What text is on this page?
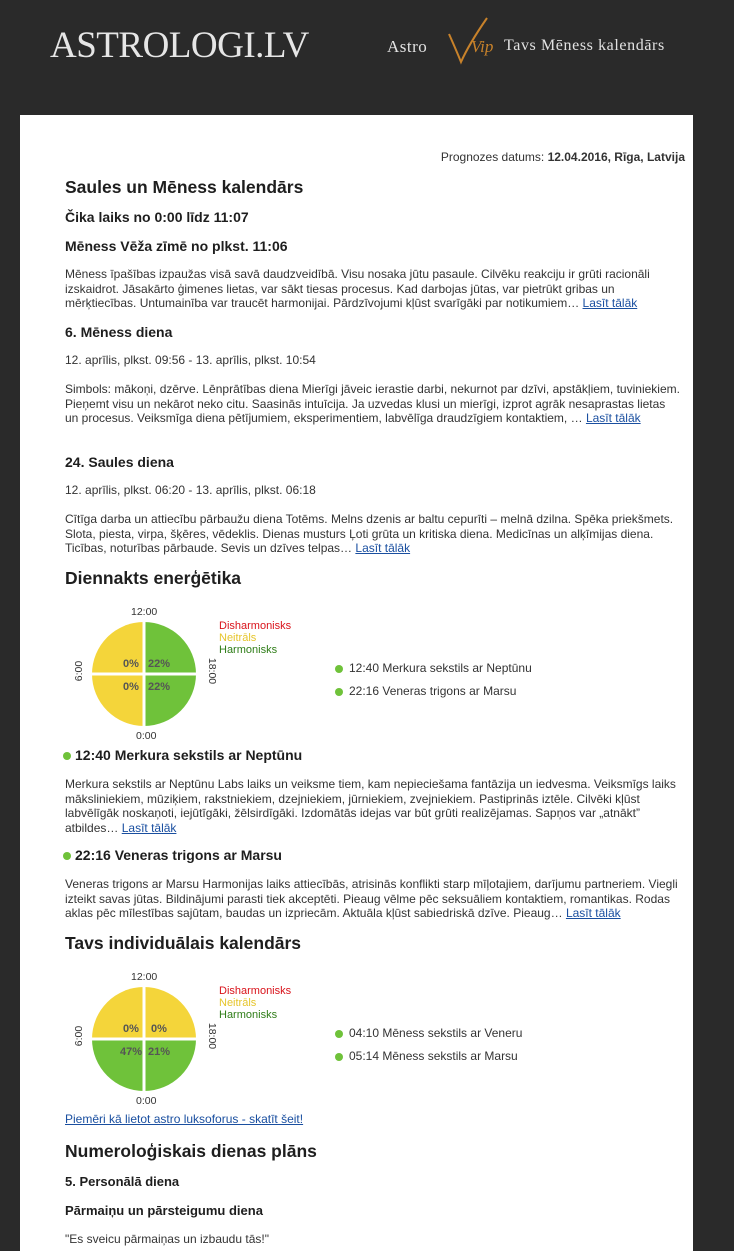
ASTROLOGI.LV	Astro	Vip Tavs Mēness kalendārs
Prognozes datums: 12.04.2016, Rīga, Latvija
Saules un Mēness kalendārs
Čika laiks no 0:00 līdz 11:07
Mēness Vēža zīmē no plkst. 11:06
Mēness īpašības izpaužas visā savā daudzveidībā. Visu nosaka jūtu pasaule. Cilvēku reakciju ir grūti racionāli izskaidrot. Jāsakārto ģimenes lietas, var sākt tiesas procesus. Kad darbojas jūtas, var pietrūkt gribas un mērķtiecības. Untumainība var traucēt harmonijai. Pārdzīvojumi kļūst svarīgāki par notikumiem… Lasīt tālāk
6. Mēness diena
12. aprīlis, plkst. 09:56 - 13. aprīlis, plkst. 10:54
Simbols: mākoņi, dzērve. Lēnprātības diena Mierīgi jāveic ierastie darbi, nekurnot par dzīvi, apstākļiem, tuviniekiem. Pieņemt visu un nekārot neko citu. Saasinās intuīcija. Ja uzvedas klusi un mierīgi, izprot agrāk nesaprastas lietas un procesus. Veiksmīga diena pētījumiem, eksperimentiem, labvēlīga draudzīgiem kontaktiem, … Lasīt tālāk
24. Saules diena
12. aprīlis, plkst. 06:20 - 13. aprīlis, plkst. 06:18
Cītīga darba un attiecību pārbaužu diena Totēms. Melns dzenis ar baltu cepurīti – melnā dzilna. Spēka priekšmets. Slota, piesta, virpa, šķēres, vēdeklis. Dienas musturs Ļoti grūta un kritiska diena. Medicīnas un alķīmijas diena. Ticības, noturības pārbaude. Sevis un dzīves telpas… Lasīt tālāk
Diennakts enerģētika
12:00
0:00
6:00	18:00
0% 22%
0% 22%
Disharmonisks
Neitrāls
Harmonisks
12:40 Merkura sekstils ar Neptūnu
22:16 Veneras trigons ar Marsu
12:40 Merkura sekstils ar Neptūnu
Merkura sekstils ar Neptūnu Labs laiks un veiksme tiem, kam nepieciešama fantāzija un iedvesma. Veiksmīgs laiks māksliniekiem, mūziķiem, rakstniekiem, dzejniekiem, jūrniekiem, zvejniekiem. Pastiprinās iztēle. Cilvēki kļūst labvēlīgāk noskaņoti, iejūtīgāki, žēlsirdīgāki. Izdomātās idejas var būt grūti realizējamas. Sapņos var „atnākt” atbildes… Lasīt tālāk
22:16 Veneras trigons ar Marsu
Veneras trigons ar Marsu Harmonijas laiks attiecībās, atrisinās konflikti starp mīļotajiem, darījumu partneriem. Viegli izteikt savas jūtas. Bildinājumi parasti tiek akceptēti. Pieaug vēlme pēc seksuāliem kontaktiem, romantikas. Rodas aklas pēc mīlestības sajūtam, baudas un izpriecām. Aktuāla kļūst sabiedriskā dzīve. Pieaug… Lasīt tālāk
Tavs individuālais kalendārs
12:00
0:00
6:00	18:00
0% 0%
47% 21%
Disharmonisks
Neitrāls
Harmonisks
04:10 Mēness sekstils ar Veneru
05:14 Mēness sekstils ar Marsu
Piemēri kā lietot astro luksoforus - skatīt šeit!
Numeroloģiskais dienas plāns
5. Personālā diena
Pārmaiņu un pārsteigumu diena
"Es sveicu pārmaiņas un izbaudu tās!"
